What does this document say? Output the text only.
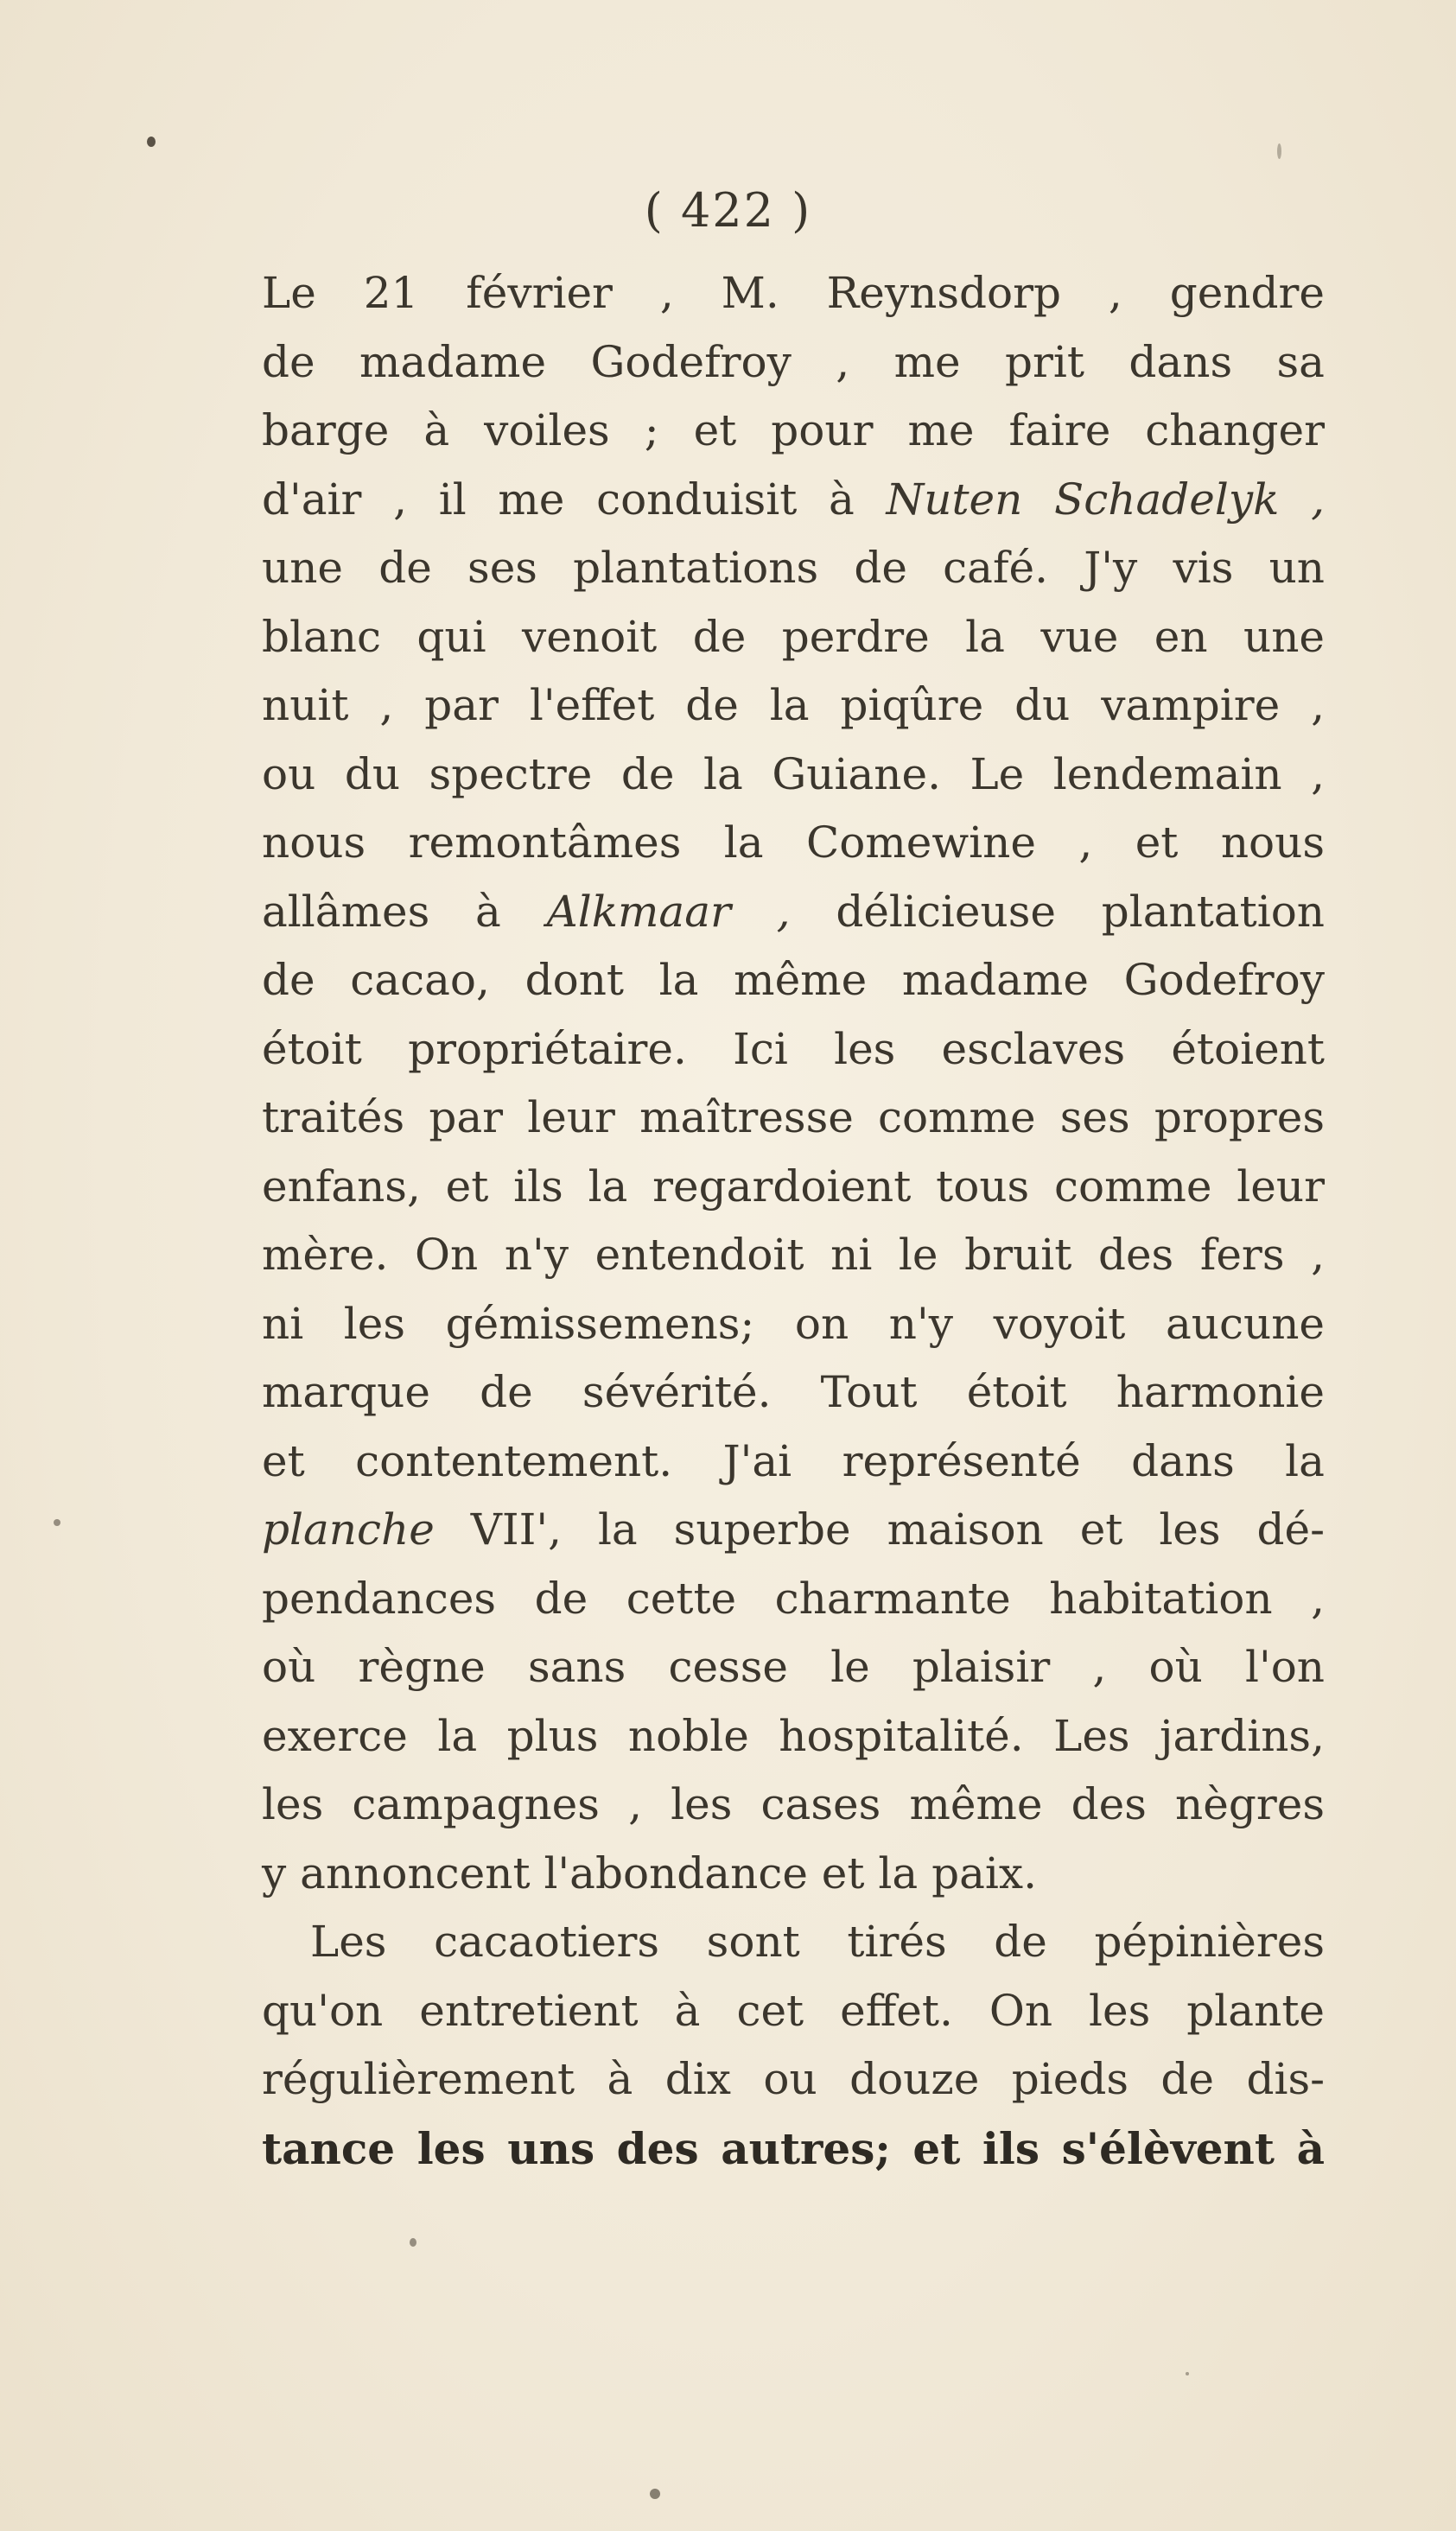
( 422 )
Le 21 février , M. Reynsdorp , gendre
de madame Godefroy , me prit dans sa
barge à voiles ; et pour me faire changer
d'air , il me conduisit à Nuten Schadelyk ,
une de ses plantations de café. J'y vis un
blanc qui venoit de perdre la vue en une
nuit , par l'effet de la piqûre du vampire ,
ou du spectre de la Guiane. Le lendemain ,
nous remontâmes la Comewine , et nous
allâmes à Alkmaar , délicieuse plantation
de cacao, dont la même madame Godefroy
étoit propriétaire. Ici les esclaves étoient
traités par leur maîtresse comme ses propres
enfans, et ils la regardoient tous comme leur
mère. On n'y entendoit ni le bruit des fers ,
ni les gémissemens; on n'y voyoit aucune
marque de sévérité. Tout étoit harmonie
et contentement. J'ai représenté dans la
planche VII', la superbe maison et les dé-
pendances de cette charmante habitation ,
où règne sans cesse le plaisir , où l'on
exerce la plus noble hospitalité. Les jardins,
les campagnes , les cases même des nègres
y annoncent l'abondance et la paix.
Les cacaotiers sont tirés de pépinières
qu'on entretient à cet effet. On les plante
régulièrement à dix ou douze pieds de dis-
tance les uns des autres; et ils s'élèvent à
